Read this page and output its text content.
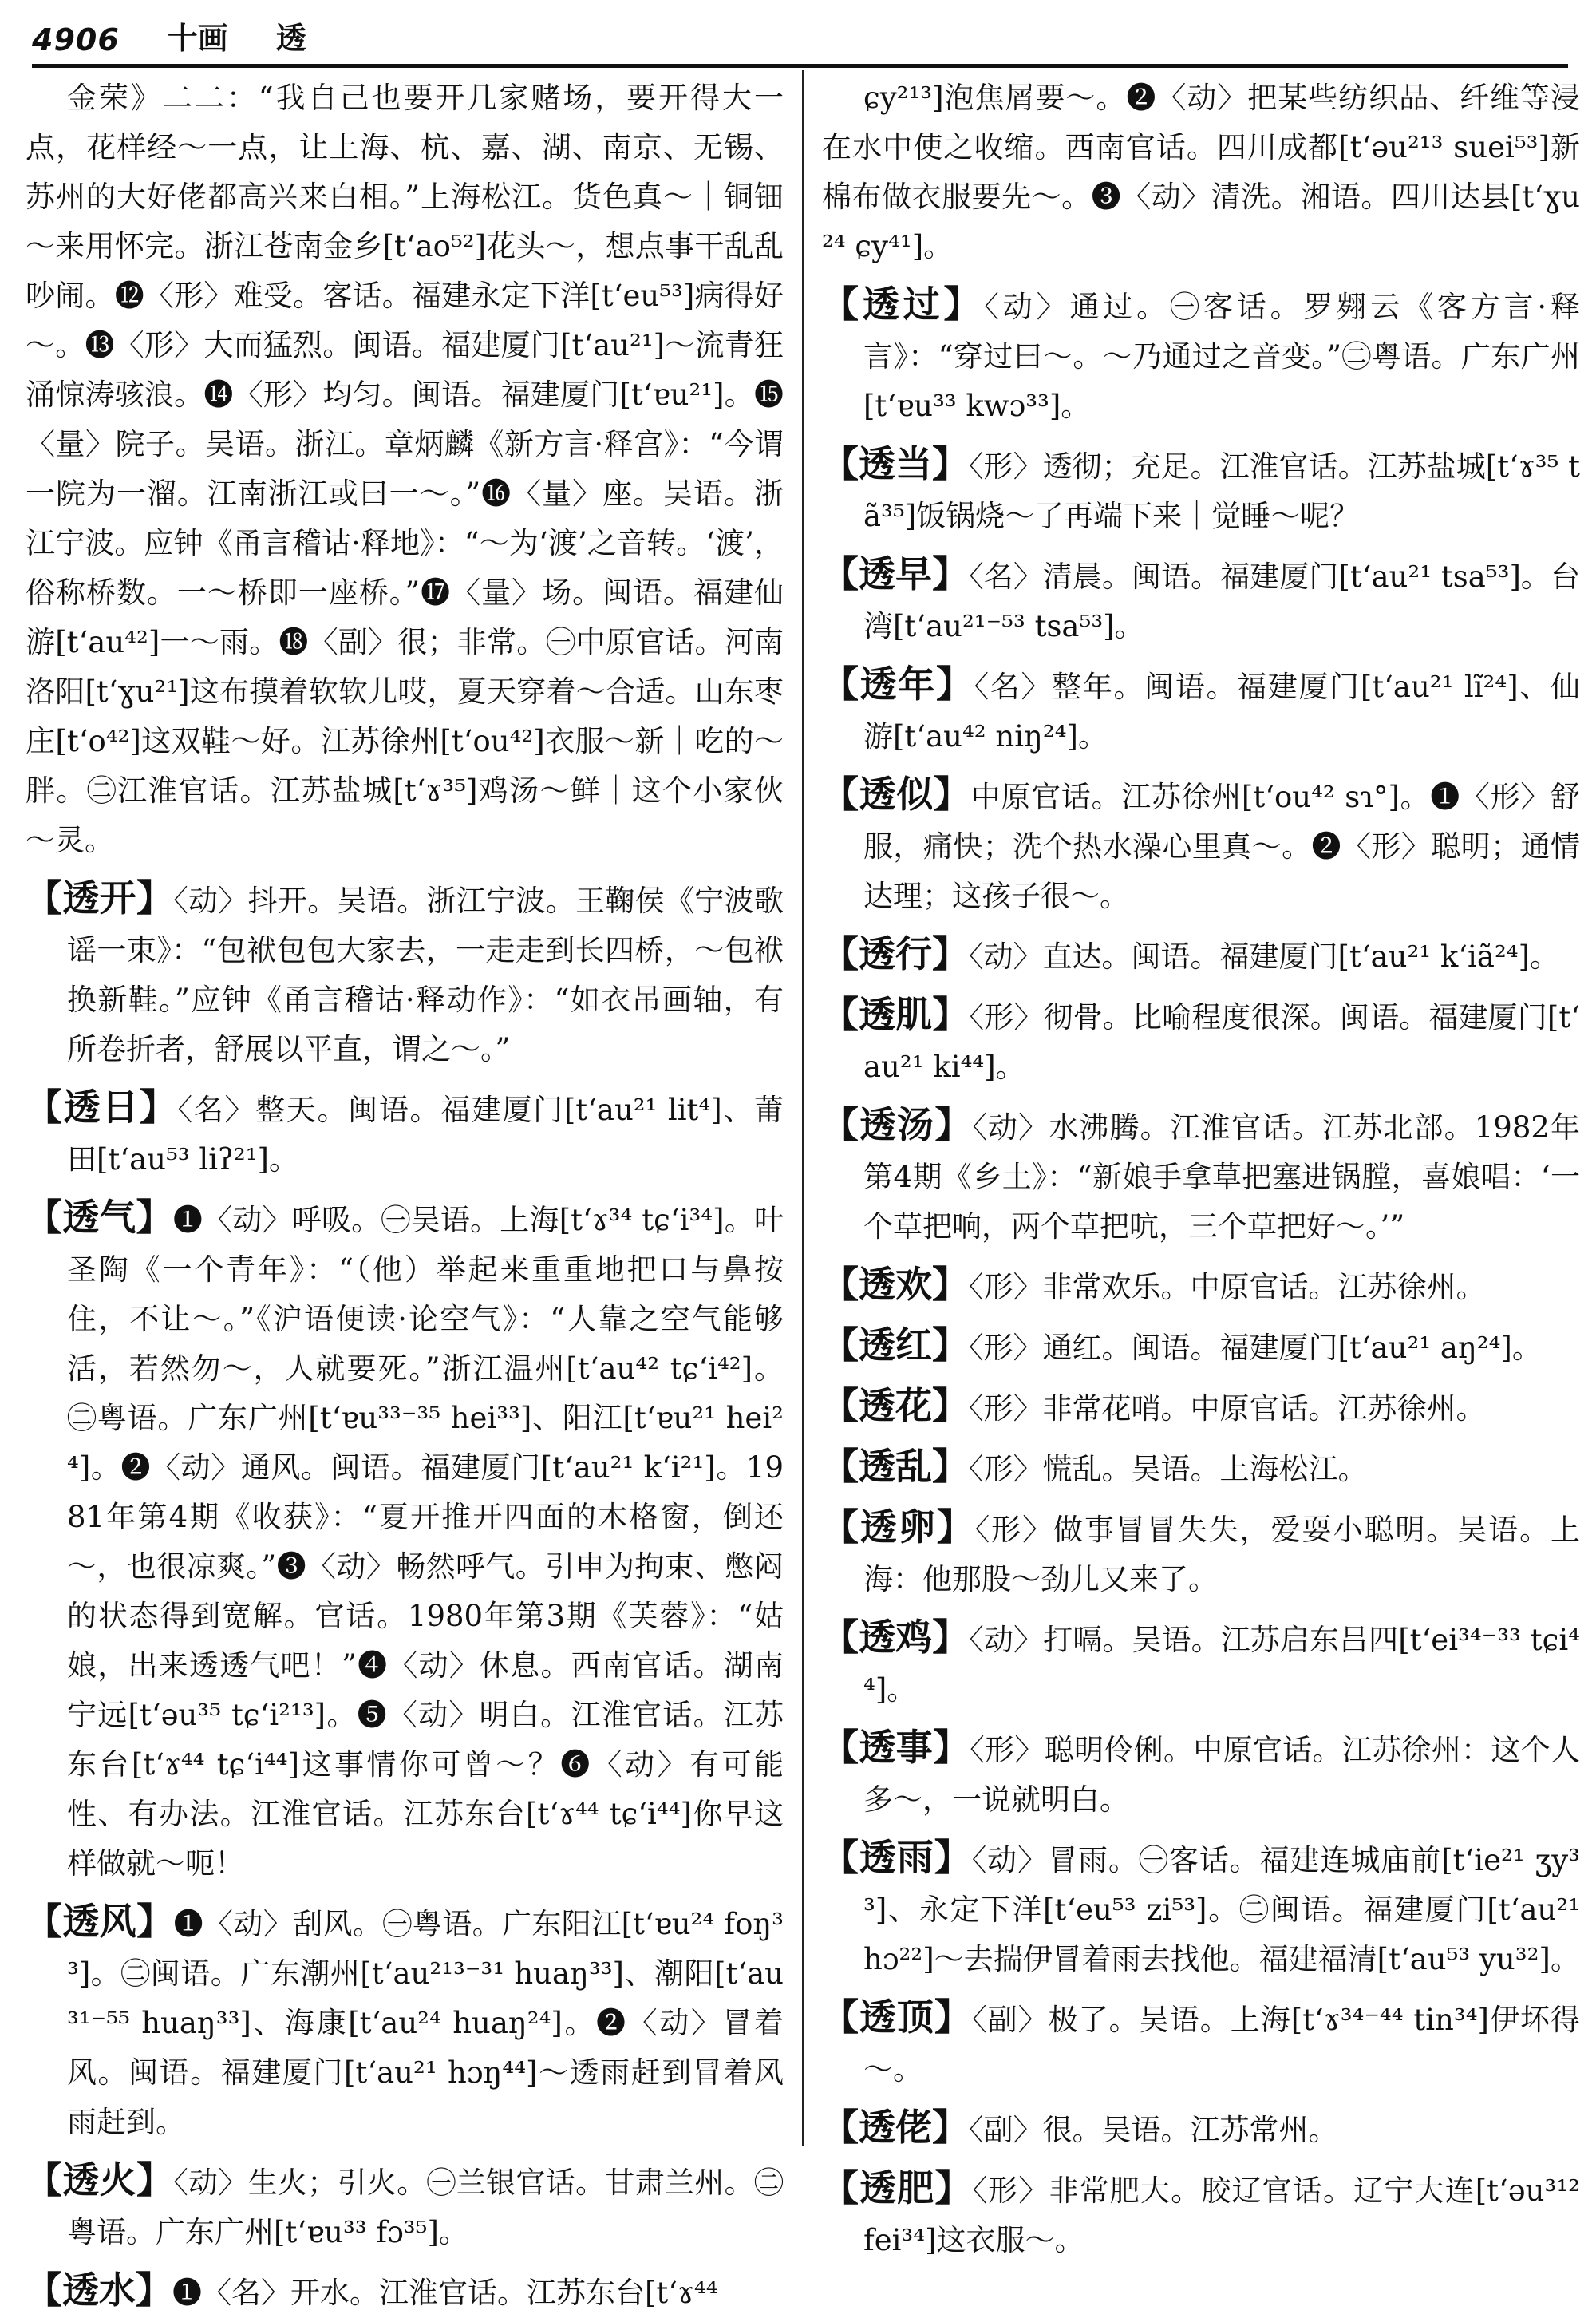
4906 十画 透

金荣》二二：“我自己也要开几家赌场，要开得大一点，花样经～一点，让上海、杭、嘉、湖、南京、无锡、苏州的大好佬都高兴来白相。”上海松江。货色真～｜铜钿～来用怀完。浙江苍南金乡[tʻao⁵²]花头～，想点事干乱乱吵闹。⓬〈形〉难受。客话。福建永定下洋[tʻeu⁵³]病得好～。⓭〈形〉大而猛烈。闽语。福建厦门[tʻau²¹]～流青狂涌惊涛骇浪。⓮〈形〉均匀。闽语。福建厦门[tʻɐu²¹]。⓯〈量〉院子。吴语。浙江。章炳麟《新方言·释宫》：“今谓一院为一溜。江南浙江或曰一～。”⓰〈量〉座。吴语。浙江宁波。应钟《甬言稽诂·释地》：“～为‘渡’之音转。‘渡’，俗称桥数。一～桥即一座桥。”⓱〈量〉场。闽语。福建仙游[tʻau⁴²]一～雨。⓲〈副〉很；非常。㊀中原官话。河南洛阳[tʻɣu²¹]这布摸着软软儿哎，夏天穿着～合适。山东枣庄[tʻo⁴²]这双鞋～好。江苏徐州[tʻou⁴²]衣服～新｜吃的～胖。㊁江淮官话。江苏盐城[tʻɤ³⁵]鸡汤～鲜｜这个小家伙～灵。

【透开】〈动〉抖开。吴语。浙江宁波。王鞠侯《宁波歌谣一束》：“包袱包包大家去，一走走到长四桥，～包袱换新鞋。”应钟《甬言稽诂·释动作》：“如衣吊画轴，有所卷折者，舒展以平直，谓之～。”

【透日】〈名〉整天。闽语。福建厦门[tʻau²¹ lit⁴]、莆田[tʻau⁵³ liʔ²¹]。

【透气】❶〈动〉呼吸。㊀吴语。上海[tʻɤ³⁴ tɕʻi³⁴]。叶圣陶《一个青年》：“（他）举起来重重地把口与鼻按住，不让～。”《沪语便读·论空气》：“人靠之空气能够活，若然勿～，人就要死。”浙江温州[tʻau⁴² tɕʻi⁴²]。㊁粤语。广东广州[tʻɐu³³⁻³⁵ hei³³]、阳江[tʻɐu²¹ hei²⁴]。❷〈动〉通风。闽语。福建厦门[tʻau²¹ kʻi²¹]。1981年第4期《收获》：“夏开推开四面的木格窗，倒还～，也很凉爽。”❸〈动〉畅然呼气。引申为拘束、憋闷的状态得到宽解。官话。1980年第3期《芙蓉》：“姑娘，出来透透气吧！”❹〈动〉休息。西南官话。湖南宁远[tʻəu³⁵ tɕʻi²¹³]。❺〈动〉明白。江淮官话。江苏东台[tʻɤ⁴⁴ tɕʻi⁴⁴]这事情你可曾～？❻〈动〉有可能性、有办法。江淮官话。江苏东台[tʻɤ⁴⁴ tɕʻi⁴⁴]你早这样做就～呃！

【透风】❶〈动〉刮风。㊀粤语。广东阳江[tʻɐu²⁴ foŋ³³]。㊁闽语。广东潮州[tʻau²¹³⁻³¹ huaŋ³³]、潮阳[tʻau³¹⁻⁵⁵ huaŋ³³]、海康[tʻau²⁴ huaŋ²⁴]。❷〈动〉冒着风。闽语。福建厦门[tʻau²¹ hɔŋ⁴⁴]～透雨赶到冒着风雨赶到。

【透火】〈动〉生火；引火。㊀兰银官话。甘肃兰州。㊁粤语。广东广州[tʻɐu³³ fɔ³⁵]。

【透水】❶〈名〉开水。江淮官话。江苏东台[tʻɤ⁴⁴

ɕy²¹³]泡焦屑要～。❷〈动〉把某些纺织品、纤维等浸在水中使之收缩。西南官话。四川成都[tʻəu²¹³ suei⁵³]新棉布做衣服要先～。❸〈动〉清洗。湘语。四川达县[tʻɣu²⁴ ɕy⁴¹]。

【透过】〈动〉通过。㊀客话。罗翙云《客方言·释言》：“穿过曰～。～乃通过之音变。”㊁粤语。广东广州[tʻɐu³³ kwɔ³³]。

【透当】〈形〉透彻；充足。江淮官话。江苏盐城[tʻɤ³⁵ tã³⁵]饭锅烧～了再端下来｜觉睡～呢？

【透早】〈名〉清晨。闽语。福建厦门[tʻau²¹ tsa⁵³]。台湾[tʻau²¹⁻⁵³ tsa⁵³]。

【透年】〈名〉整年。闽语。福建厦门[tʻau²¹ lĩ²⁴]、仙游[tʻau⁴² niŋ²⁴]。

【透似】中原官话。江苏徐州[tʻou⁴² sɿ°]。❶〈形〉舒服，痛快；洗个热水澡心里真～。❷〈形〉聪明；通情达理；这孩子很～。

【透行】〈动〉直达。闽语。福建厦门[tʻau²¹ kʻiã²⁴]。

【透肌】〈形〉彻骨。比喻程度很深。闽语。福建厦门[tʻau²¹ ki⁴⁴]。

【透汤】〈动〉水沸腾。江淮官话。江苏北部。1982年第4期《乡土》：“新娘手拿草把塞进锅膛，喜娘唱：‘一个草把响，两个草把吭，三个草把好～。’”

【透欢】〈形〉非常欢乐。中原官话。江苏徐州。

【透红】〈形〉通红。闽语。福建厦门[tʻau²¹ aŋ²⁴]。

【透花】〈形〉非常花哨。中原官话。江苏徐州。

【透乱】〈形〉慌乱。吴语。上海松江。

【透卵】〈形〉做事冒冒失失，爱耍小聪明。吴语。上海：他那股～劲儿又来了。

【透鸡】〈动〉打嗝。吴语。江苏启东吕四[tʻei³⁴⁻³³ tɕi⁴⁴]。

【透事】〈形〉聪明伶俐。中原官话。江苏徐州：这个人多～，一说就明白。

【透雨】〈动〉冒雨。㊀客话。福建连城庙前[tʻie²¹ ʒy³³]、永定下洋[tʻeu⁵³ zi⁵³]。㊁闽语。福建厦门[tʻau²¹ hɔ²²]～去揣伊冒着雨去找他。福建福清[tʻau⁵³ yu³²]。

【透顶】〈副〉极了。吴语。上海[tʻɤ³⁴⁻⁴⁴ tin³⁴]伊坏得～。

【透佬】〈副〉很。吴语。江苏常州。

【透肥】〈形〉非常肥大。胶辽官话。辽宁大连[tʻəu³¹² fei³⁴]这衣服～。
